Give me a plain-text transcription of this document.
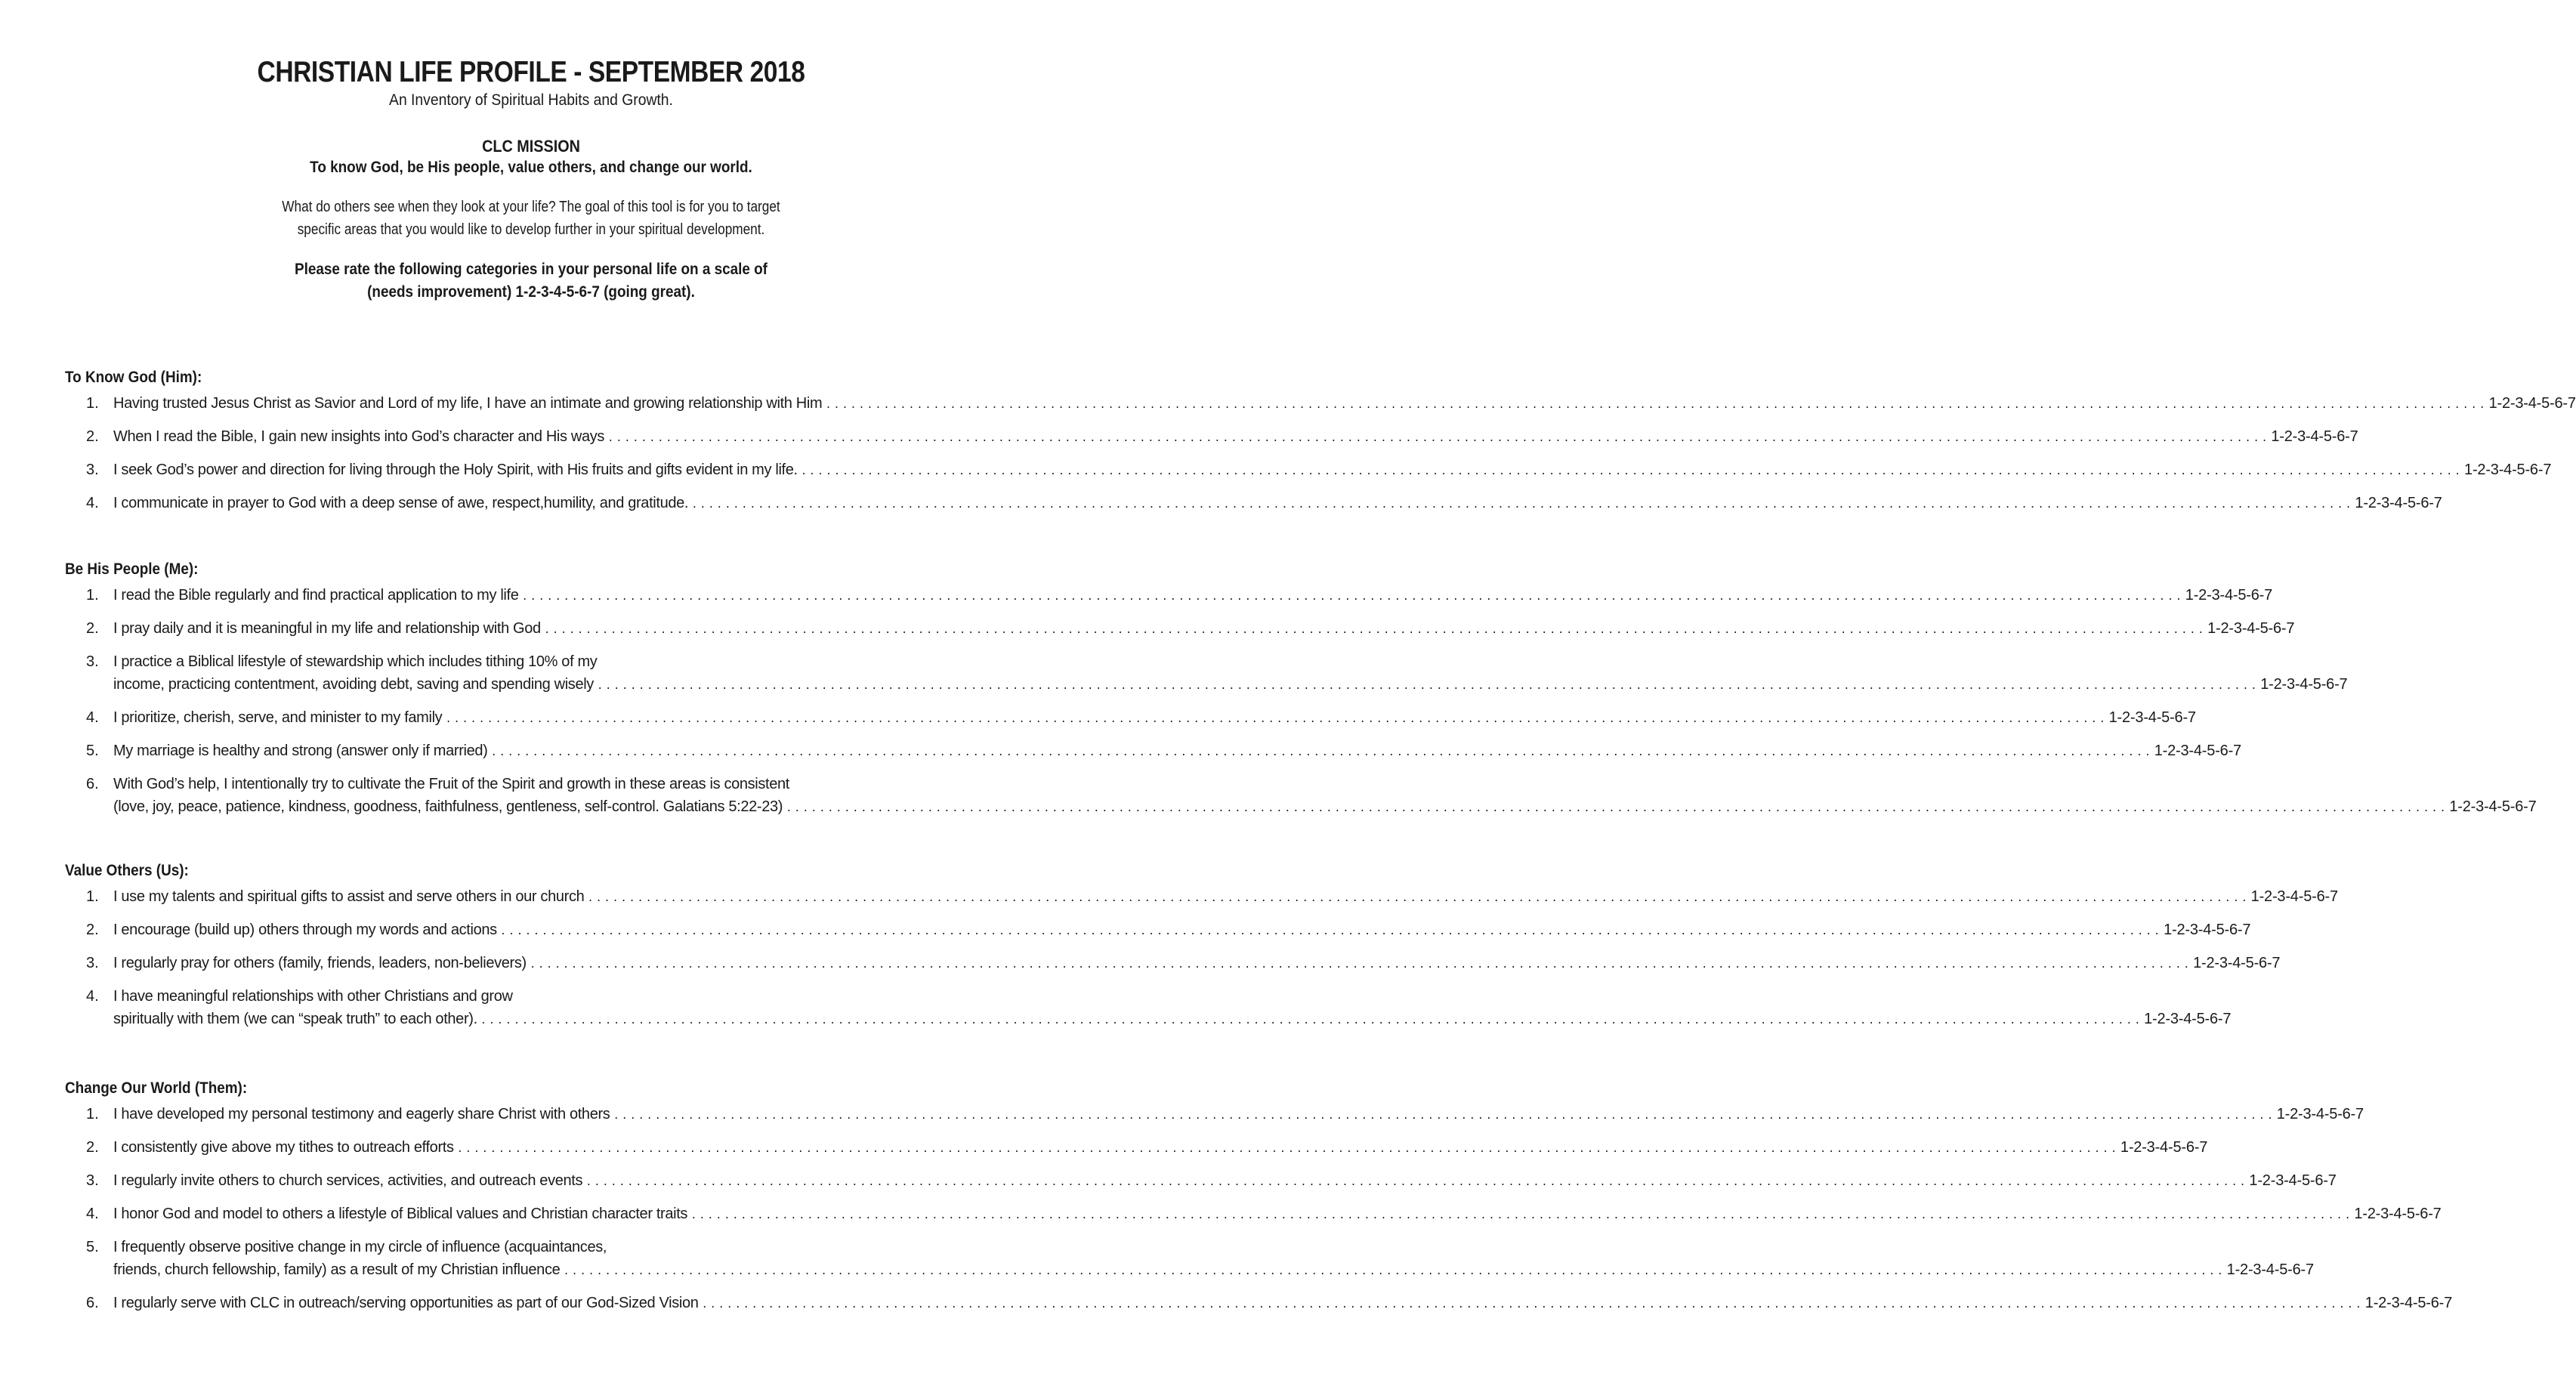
CHRISTIAN LIFE PROFILE - SEPTEMBER 2018
An Inventory of Spiritual Habits and Growth.
CLC MISSION
To know God, be His people, value others, and change our world.
What do others see when they look at your life? The goal of this tool is for you to target
specific areas that you would like to develop further in your spiritual development.
Please rate the following categories in your personal life on a scale of
(needs improvement) 1-2-3-4-5-6-7 (going great).
To Know God (Him):
1. Having trusted Jesus Christ as Savior and Lord of my life, I have an intimate and growing relationship with Him ........................................................................................................................................................................................................ 1-2-3-4-5-6-7
2. When I read the Bible, I gain new insights into God’s character and His ways ........................................................................................................................................................................................................ 1-2-3-4-5-6-7
3. I seek God’s power and direction for living through the Holy Spirit, with His fruits and gifts evident in my life. ........................................................................................................................................................................................................ 1-2-3-4-5-6-7
4. I communicate in prayer to God with a deep sense of awe, respect,humility, and gratitude. ........................................................................................................................................................................................................ 1-2-3-4-5-6-7
Be His People (Me):
1. I read the Bible regularly and find practical application to my life ........................................................................................................................................................................................................ 1-2-3-4-5-6-7
2. I pray daily and it is meaningful in my life and relationship with God ........................................................................................................................................................................................................ 1-2-3-4-5-6-7
3. I practice a Biblical lifestyle of stewardship which includes tithing 10% of my
income, practicing contentment, avoiding debt, saving and spending wisely ........................................................................................................................................................................................................ 1-2-3-4-5-6-7
4. I prioritize, cherish, serve, and minister to my family ........................................................................................................................................................................................................ 1-2-3-4-5-6-7
5. My marriage is healthy and strong (answer only if married) ........................................................................................................................................................................................................ 1-2-3-4-5-6-7
6. With God’s help, I intentionally try to cultivate the Fruit of the Spirit and growth in these areas is consistent
(love, joy, peace, patience, kindness, goodness, faithfulness, gentleness, self-control. Galatians 5:22-23) ........................................................................................................................................................................................................ 1-2-3-4-5-6-7
Value Others (Us):
1. I use my talents and spiritual gifts to assist and serve others in our church ........................................................................................................................................................................................................ 1-2-3-4-5-6-7
2. I encourage (build up) others through my words and actions ........................................................................................................................................................................................................ 1-2-3-4-5-6-7
3. I regularly pray for others (family, friends, leaders, non-believers) ........................................................................................................................................................................................................ 1-2-3-4-5-6-7
4. I have meaningful relationships with other Christians and grow
spiritually with them (we can “speak truth” to each other). ........................................................................................................................................................................................................ 1-2-3-4-5-6-7
Change Our World (Them):
1. I have developed my personal testimony and eagerly share Christ with others ........................................................................................................................................................................................................ 1-2-3-4-5-6-7
2. I consistently give above my tithes to outreach efforts ........................................................................................................................................................................................................ 1-2-3-4-5-6-7
3. I regularly invite others to church services, activities, and outreach events ........................................................................................................................................................................................................ 1-2-3-4-5-6-7
4. I honor God and model to others a lifestyle of Biblical values and Christian character traits ........................................................................................................................................................................................................ 1-2-3-4-5-6-7
5. I frequently observe positive change in my circle of influence (acquaintances,
friends, church fellowship, family) as a result of my Christian influence ........................................................................................................................................................................................................ 1-2-3-4-5-6-7
6. I regularly serve with CLC in outreach/serving opportunities as part of our God-Sized Vision ........................................................................................................................................................................................................ 1-2-3-4-5-6-7
